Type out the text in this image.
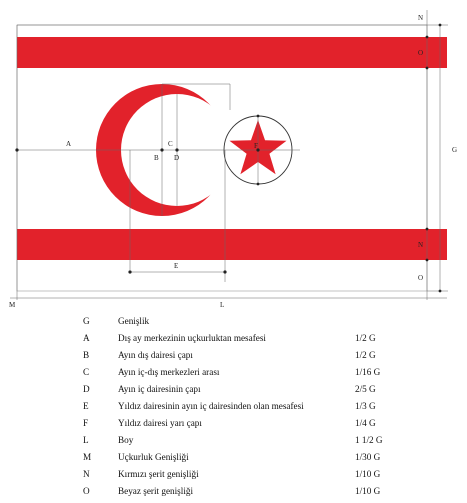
N
O
G
N
O
A
B
C
D
E
F
L
M
G	Genişlik
A	Dış ay merkezinin uçkurluktan mesafesi	1/2 G
B	Ayın dış dairesi çapı	1/2 G
C	Ayın iç-dış merkezleri arası	1/16 G
D	Ayın iç dairesinin çapı	2/5 G
E	Yıldız dairesinin ayın iç dairesinden olan mesafesi	1/3 G
F	Yıldız dairesi yarı çapı	1/4 G
L	Boy	1 1/2 G
M	Uçkurluk Genişliği	1/30 G
N	Kırmızı şerit genişliği	1/10 G
O	Beyaz şerit genişliği	1/10 G
